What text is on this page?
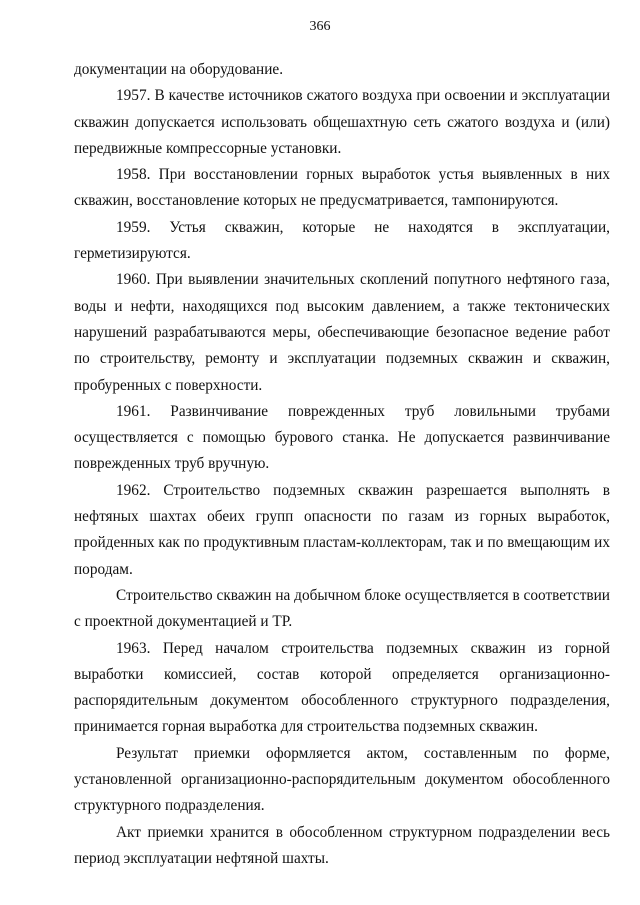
366

документации на оборудование.

1957. В качестве источников сжатого воздуха при освоении и эксплуатации скважин допускается использовать общешахтную сеть сжатого воздуха и (или) передвижные компрессорные установки.

1958. При восстановлении горных выработок устья выявленных в них скважин, восстановление которых не предусматривается, тампонируются.

1959. Устья скважин, которые не находятся в эксплуатации, герметизируются.

1960. При выявлении значительных скоплений попутного нефтяного газа, воды и нефти, находящихся под высоким давлением, а также тектонических нарушений разрабатываются меры, обеспечивающие безопасное ведение работ по строительству, ремонту и эксплуатации подземных скважин и скважин, пробуренных с поверхности.

1961. Развинчивание поврежденных труб ловильными трубами осуществляется с помощью бурового станка. Не допускается развинчивание поврежденных труб вручную.

1962. Строительство подземных скважин разрешается выполнять в нефтяных шахтах обеих групп опасности по газам из горных выработок, пройденных как по продуктивным пластам-коллекторам, так и по вмещающим их породам.

Строительство скважин на добычном блоке осуществляется в соответствии с проектной документацией и ТР.

1963. Перед началом строительства подземных скважин из горной выработки комиссией, состав которой определяется организационно-распорядительным документом обособленного структурного подразделения, принимается горная выработка для строительства подземных скважин.

Результат приемки оформляется актом, составленным по форме, установленной организационно-распорядительным документом обособленного структурного подразделения.

Акт приемки хранится в обособленном структурном подразделении весь период эксплуатации нефтяной шахты.
